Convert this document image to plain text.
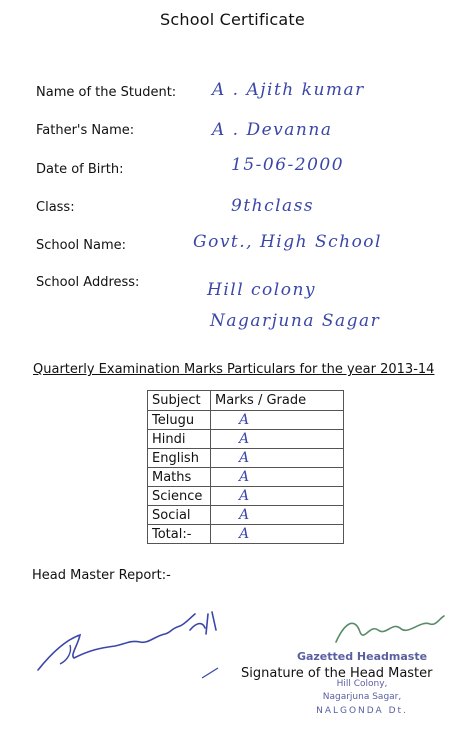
School Certificate
Name of the Student: A . Ajith kumar
Father's Name:	A . Devanna
Date of Birth:	15-06-2000
Class:	9thclass
School Name:	Govt., High School
School Address:	Hill colony
Nagarjuna Sagar
Quarterly Examination Marks Particulars for the year 2013-14
Subject	Marks / Grade
Telugu	A
Hindi	A
English	A
Maths	A
Science	A
Social	A
Total:-	A
Head Master Report:-
Signature of the Head Master
Gazetted Headmaste
Hill Colony,
Nagarjuna Sagar,
NALGONDA Dt.
